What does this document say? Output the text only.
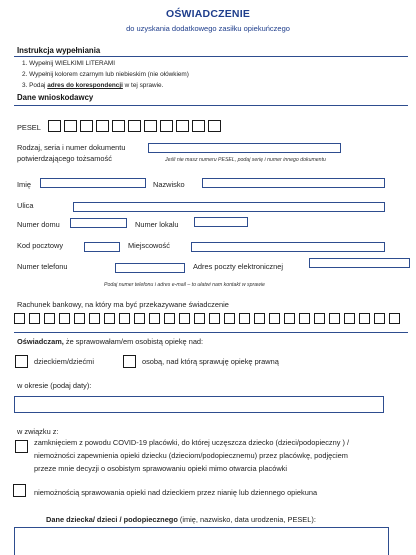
OŚWIADCZENIE
do uzyskania dodatkowego zasiłku opiekuńczego
Instrukcja wypełniania
1. Wypełnij WIELKIMI LITERAMI
2. Wypełnij kolorem czarnym lub niebieskim (nie ołówkiem)
3. Podaj adres do korespondencji w tej sprawie.
Dane wnioskodawcy
PESEL
Rodzaj, seria i numer dokumentu
potwierdzającego tożsamość	Jeśli nie masz numeru PESEL, podaj serię i numer innego dokumentu
Imię	Nazwisko
Ulica
Numer domu	Numer lokalu
Kod pocztowy	Miejscowość
Numer telefonu	Adres poczty elektronicznej
Podaj numer telefonu i adres e-mail – to ułatwi nam kontakt w sprawie
Rachunek bankowy, na który ma być przekazywane świadczenie
Oświadczam, że sprawowałam/em osobistą opiekę nad:
dzieckiem/dziećmi	osobą, nad którą sprawuję opiekę prawną
w okresie (podaj daty):
w związku z:
zamknięciem z powodu COVID-19 placówki, do której uczęszcza dziecko (dzieci/podopieczny ) /
niemożności zapewnienia opieki dziecku (dzieciom/podopiecznemu) przez placówkę, podjęciem
przeze mnie decyzji o osobistym sprawowaniu opieki mimo otwarcia placówki
niemożnością sprawowania opieki nad dzieckiem przez nianię lub dziennego opiekuna
Dane dziecka/ dzieci / podopiecznego (imię, nazwisko, data urodzenia, PESEL):
